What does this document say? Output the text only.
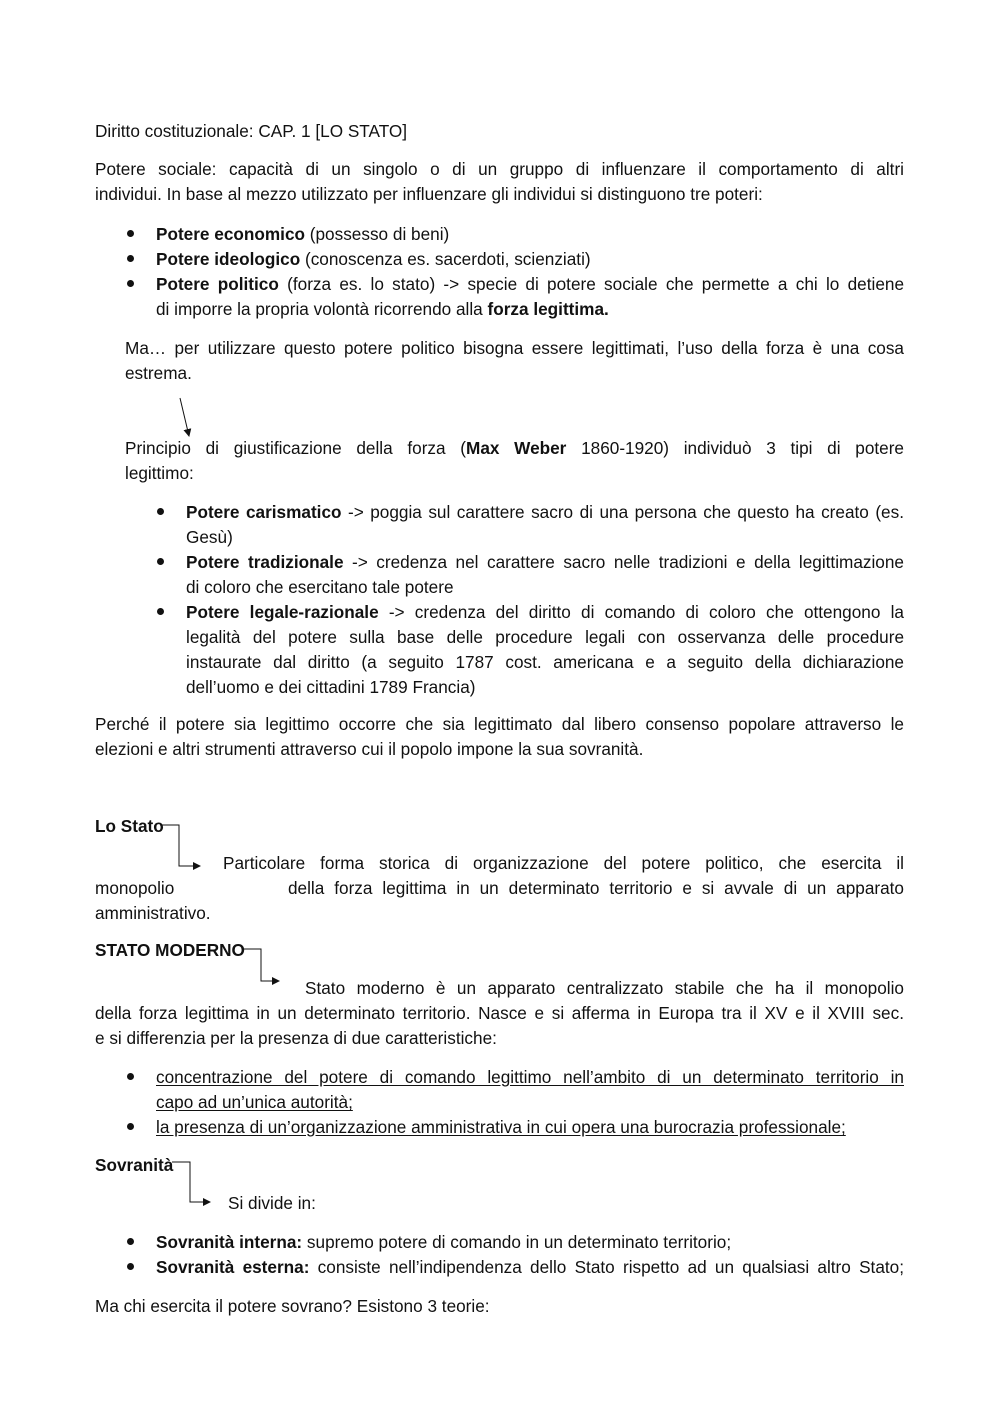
Diritto costituzionale: CAP. 1 [LO STATO]
Potere sociale: capacità di un singolo o di un gruppo di influenzare il comportamento di altri
individui. In base al mezzo utilizzato per influenzare gli individui si distinguono tre poteri:
Potere economico (possesso di beni)
Potere ideologico (conoscenza es. sacerdoti, scienziati)
Potere politico (forza es. lo stato) -> specie di potere sociale che permette a chi lo detiene
di imporre la propria volontà ricorrendo alla forza legittima.
Ma… per utilizzare questo potere politico bisogna essere legittimati, l’uso della forza è una cosa
estrema.
Principio di giustificazione della forza (Max Weber 1860-1920) individuò 3 tipi di potere
legittimo:
Potere carismatico -> poggia sul carattere sacro di una persona che questo ha creato (es.
Gesù)
Potere tradizionale -> credenza nel carattere sacro nelle tradizioni e della legittimazione
di coloro che esercitano tale potere
Potere legale-razionale -> credenza del diritto di comando di coloro che ottengono la
legalità del potere sulla base delle procedure legali con osservanza delle procedure
instaurate dal diritto (a seguito 1787 cost. americana e a seguito della dichiarazione
dell’uomo e dei cittadini 1789 Francia)
Perché il potere sia legittimo occorre che sia legittimato dal libero consenso popolare attraverso le
elezioni e altri strumenti attraverso cui il popolo impone la sua sovranità.
Lo Stato
Particolare forma storica di organizzazione del potere politico, che esercita il
monopolio	della forza legittima in un determinato territorio e si avvale di un apparato
amministrativo.
STATO MODERNO
Stato moderno è un apparato centralizzato stabile che ha il monopolio
della forza legittima in un determinato territorio. Nasce e si afferma in Europa tra il XV e il XVIII sec.
e si differenzia per la presenza di due caratteristiche:
concentrazione del potere di comando legittimo nell’ambito di un determinato territorio in
capo ad un’unica autorità;
la presenza di un’organizzazione amministrativa in cui opera una burocrazia professionale;
Sovranità
Si divide in:
Sovranità interna: supremo potere di comando in un determinato territorio;
Sovranità esterna: consiste nell’indipendenza dello Stato rispetto ad un qualsiasi altro Stato;
Ma chi esercita il potere sovrano? Esistono 3 teorie:
